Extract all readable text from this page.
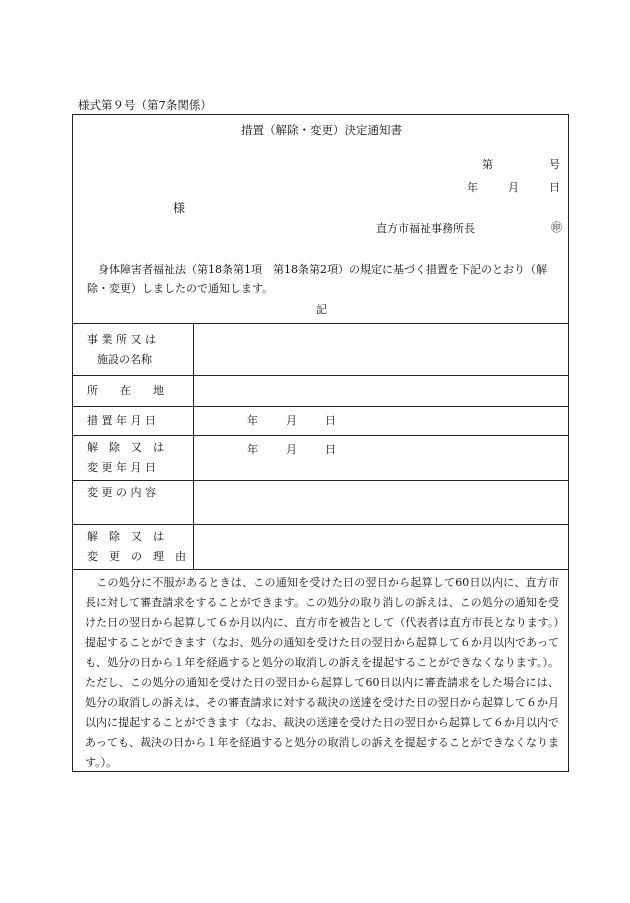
様式第９号（第7条関係）
措置（解除・変更）決定通知書
第	号
年	月	日
様
直方市福祉事務所長	㊞
身体障害者福祉法（第18条第1項　第18条第2項）の規定に基づく措置を下記のとおり（解除・変更）しましたので通知します。
記
事 業 所 又 は
施設の名称	

所　　在　　地	

措 置 年 月 日	年 月 日

解　除　又　は
変 更 年 月 日	年 月 日

変 更 の 内 容	

解　除　又　は
変　更　の　理　由	

この処分に不服があるときは、この通知を受けた日の翌日から起算して60日以内に、直方市長に対して審査請求をすることができます。この処分の取り消しの訴えは、この処分の通知を受けた日の翌日から起算して６か月以内に、直方市を被告として（代表者は直方市長となります。）提起することができます（なお、処分の通知を受けた日の翌日から起算して６か月以内であっても、処分の日から１年を経過すると処分の取消しの訴えを提起することができなくなります。）。ただし、この処分の通知を受けた日の翌日から起算して60日以内に審査請求をした場合には、処分の取消しの訴えは、その審査請求に対する裁決の送達を受けた日の翌日から起算して６か月以内に提起することができます（なお、裁決の送達を受けた日の翌日から起算して６か月以内であっても、裁決の日から１年を経過すると処分の取消しの訴えを提起することができなくなります。）。
